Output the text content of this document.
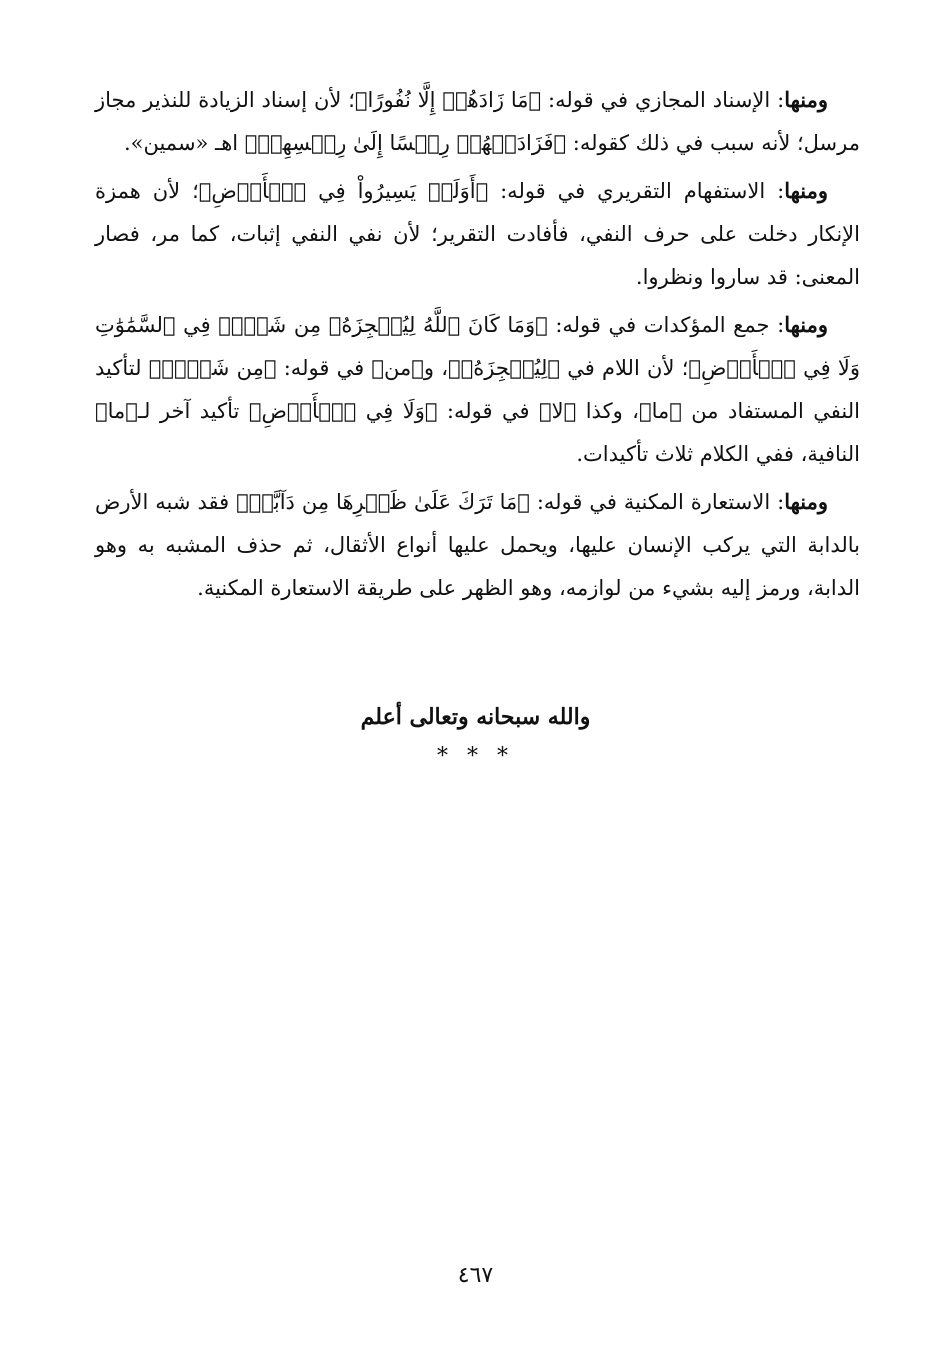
ومنها: الإسناد المجازي في قوله: ﴿مَا زَادَهُمۡ إِلَّا نُفُورًا﴾؛ لأن إسناد الزيادة للنذير مجاز مرسل؛ لأنه سبب في ذلك كقوله: ﴿فَزَادَتۡهُمۡ رِجۡسًا إِلَىٰ رِجۡسِهِمۡ﴾ اهـ «سمين».

ومنها: الاستفهام التقريري في قوله: ﴿أَوَلَمۡ يَسِيرُواْ فِي ٱلۡأَرۡضِ﴾؛ لأن همزة الإنكار دخلت على حرف النفي، فأفادت التقرير؛ لأن نفي النفي إثبات، كما مر، فصار المعنى: قد ساروا ونظروا.

ومنها: جمع المؤكدات في قوله: ﴿وَمَا كَانَ ٱللَّهُ لِيُعۡجِزَهُۥ مِن شَيۡءٖ فِي ٱلسَّمَٰوَٰتِ وَلَا فِي ٱلۡأَرۡضِ﴾؛ لأن اللام في ﴿لِيُعۡجِزَهُۥ﴾، و﴿من﴾ في قوله: ﴿مِن شَيۡءٖ﴾ لتأكيد النفي المستفاد من ﴿ما﴾، وكذا ﴿لا﴾ في قوله: ﴿وَلَا فِي ٱلۡأَرۡضِ﴾ تأكيد آخر لـ﴿ما﴾ النافية، ففي الكلام ثلاث تأكيدات.

ومنها: الاستعارة المكنية في قوله: ﴿مَا تَرَكَ عَلَىٰ ظَهۡرِهَا مِن دَآبَّةٖ﴾ فقد شبه الأرض بالدابة التي يركب الإنسان عليها، ويحمل عليها أنواع الأثقال، ثم حذف المشبه به وهو الدابة، ورمز إليه بشيء من لوازمه، وهو الظهر على طريقة الاستعارة المكنية.

والله سبحانه وتعالى أعلم
* * *
٤٦٧
